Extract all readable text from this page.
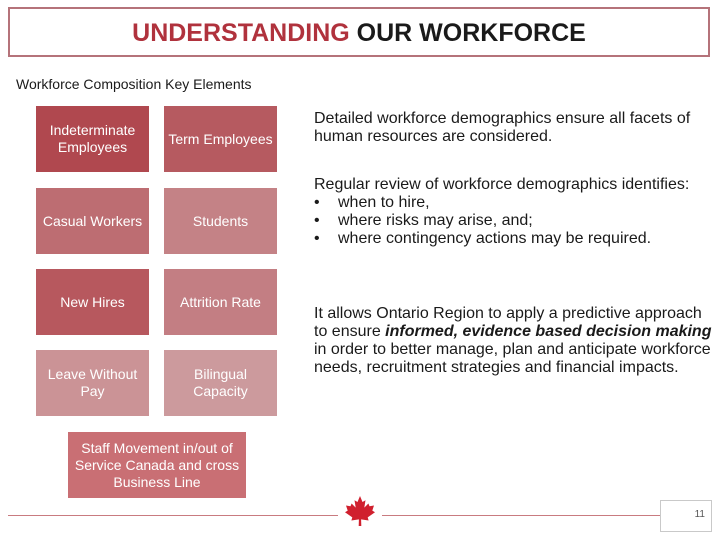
UNDERSTANDING OUR WORKFORCE
Workforce Composition Key Elements
Indeterminate Employees
Term Employees
Casual Workers	Students
New Hires	Attrition Rate
Leave Without Pay
Bilingual Capacity
Staff Movement in/out of Service Canada and cross Business Line
Detailed workforce demographics ensure all facets of human resources are considered.
Regular review of workforce demographics identifies:
• when to hire,
• where risks may arise, and;
• where contingency actions may be required.
It allows Ontario Region to apply a predictive approach to ensure informed, evidence based decision making in order to better manage, plan and anticipate workforce needs, recruitment strategies and financial impacts.
11
